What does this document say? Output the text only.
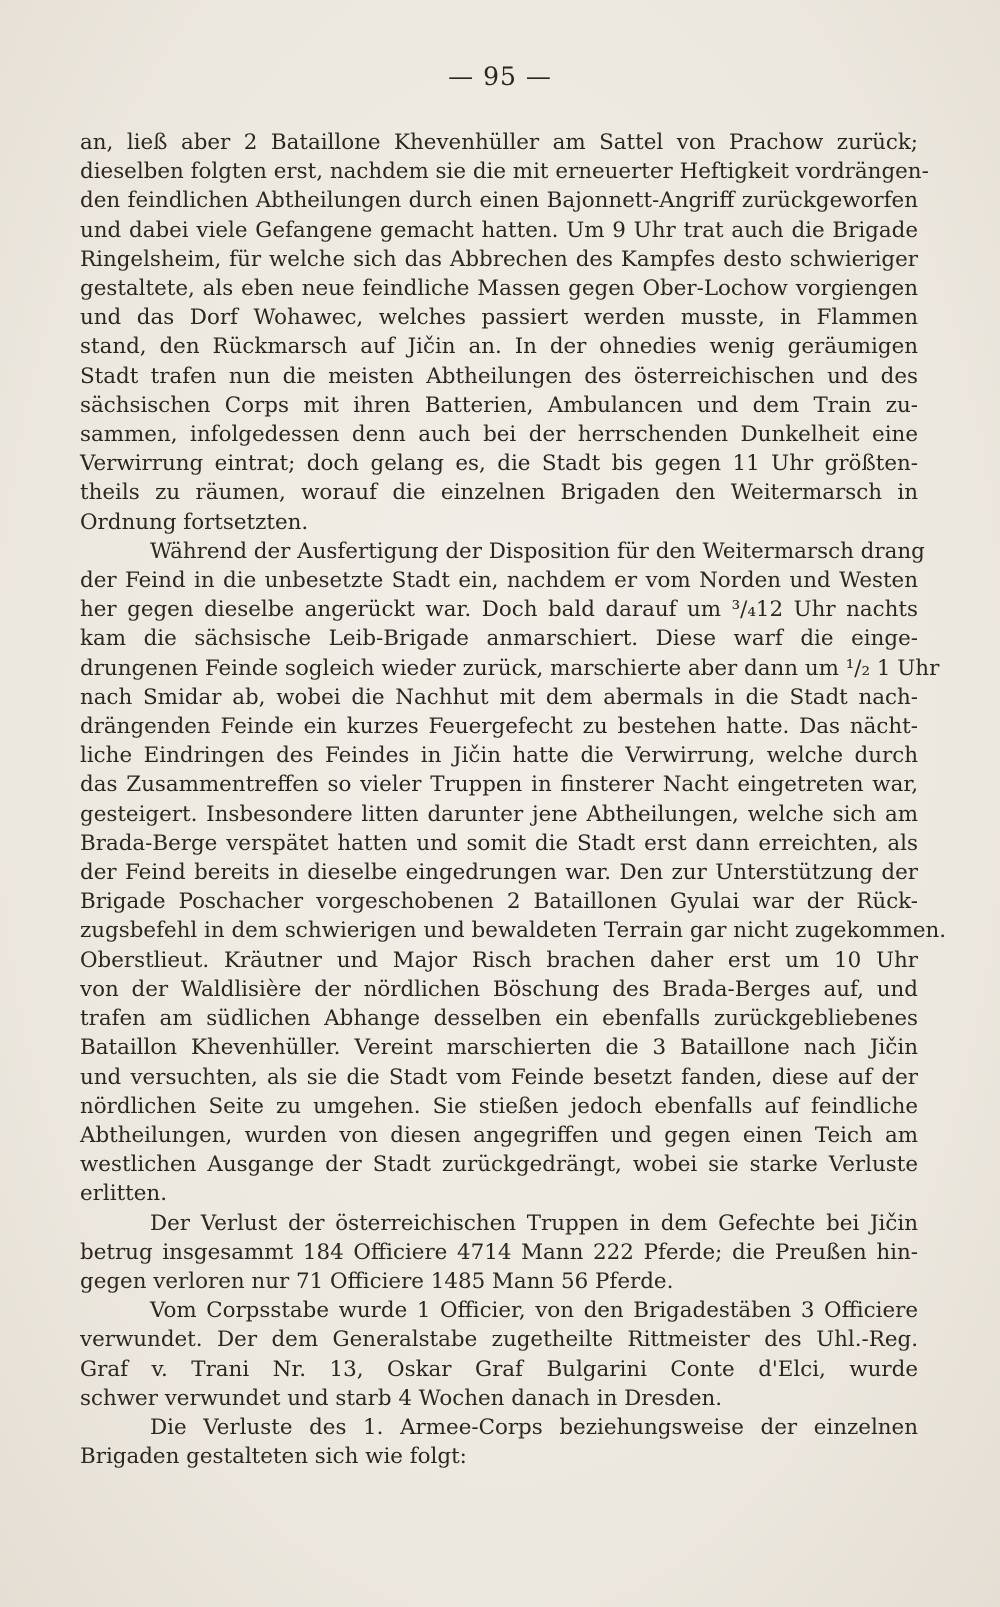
— 95 —
an, ließ aber 2 Bataillone Khevenhüller am Sattel von Prachow zurück;
dieselben folgten erst, nachdem sie die mit erneuerter Heftigkeit vordrängen-
den feindlichen Abtheilungen durch einen Bajonnett-Angriff zurückgeworfen
und dabei viele Gefangene gemacht hatten. Um 9 Uhr trat auch die Brigade
Ringelsheim, für welche sich das Abbrechen des Kampfes desto schwieriger
gestaltete, als eben neue feindliche Massen gegen Ober-Lochow vorgiengen
und das Dorf Wohawec, welches passiert werden musste, in Flammen
stand, den Rückmarsch auf Jičin an. In der ohnedies wenig geräumigen
Stadt trafen nun die meisten Abtheilungen des österreichischen und des
sächsischen Corps mit ihren Batterien, Ambulancen und dem Train zu-
sammen, infolgedessen denn auch bei der herrschenden Dunkelheit eine
Verwirrung eintrat; doch gelang es, die Stadt bis gegen 11 Uhr größten-
theils zu räumen, worauf die einzelnen Brigaden den Weitermarsch in
Ordnung fortsetzten.
Während der Ausfertigung der Disposition für den Weitermarsch drang
der Feind in die unbesetzte Stadt ein, nachdem er vom Norden und Westen
her gegen dieselbe angerückt war. Doch bald darauf um ³/₄12 Uhr nachts
kam die sächsische Leib-Brigade anmarschiert. Diese warf die einge-
drungenen Feinde sogleich wieder zurück, marschierte aber dann um ¹/₂ 1 Uhr
nach Smidar ab, wobei die Nachhut mit dem abermals in die Stadt nach-
drängenden Feinde ein kurzes Feuergefecht zu bestehen hatte. Das nächt-
liche Eindringen des Feindes in Jičin hatte die Verwirrung, welche durch
das Zusammentreffen so vieler Truppen in finsterer Nacht eingetreten war,
gesteigert. Insbesondere litten darunter jene Abtheilungen, welche sich am
Brada-Berge verspätet hatten und somit die Stadt erst dann erreichten, als
der Feind bereits in dieselbe eingedrungen war. Den zur Unterstützung der
Brigade Poschacher vorgeschobenen 2 Bataillonen Gyulai war der Rück-
zugsbefehl in dem schwierigen und bewaldeten Terrain gar nicht zugekommen.
Oberstlieut. Kräutner und Major Risch brachen daher erst um 10 Uhr
von der Waldlisière der nördlichen Böschung des Brada-Berges auf, und
trafen am südlichen Abhange desselben ein ebenfalls zurückgebliebenes
Bataillon Khevenhüller. Vereint marschierten die 3 Bataillone nach Jičin
und versuchten, als sie die Stadt vom Feinde besetzt fanden, diese auf der
nördlichen Seite zu umgehen. Sie stießen jedoch ebenfalls auf feindliche
Abtheilungen, wurden von diesen angegriffen und gegen einen Teich am
westlichen Ausgange der Stadt zurückgedrängt, wobei sie starke Verluste
erlitten.
Der Verlust der österreichischen Truppen in dem Gefechte bei Jičin
betrug insgesammt 184 Officiere 4714 Mann 222 Pferde; die Preußen hin-
gegen verloren nur 71 Officiere 1485 Mann 56 Pferde.
Vom Corpsstabe wurde 1 Officier, von den Brigadestäben 3 Officiere
verwundet. Der dem Generalstabe zugetheilte Rittmeister des Uhl.-Reg.
Graf v. Trani Nr. 13, Oskar Graf Bulgarini Conte d'Elci, wurde
schwer verwundet und starb 4 Wochen danach in Dresden.
Die Verluste des 1. Armee-Corps beziehungsweise der einzelnen
Brigaden gestalteten sich wie folgt:
